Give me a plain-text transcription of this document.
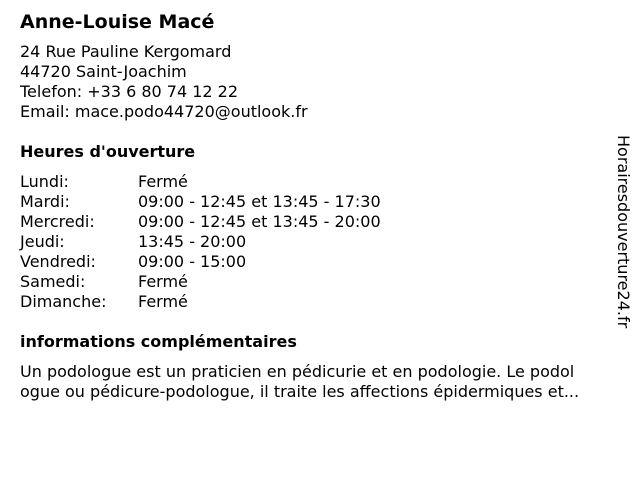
Anne-Louise Macé
24 Rue Pauline Kergomard
44720 Saint-Joachim
Telefon: +33 6 80 74 12 22
Email: mace.podo44720@outlook.fr
Heures d'ouverture
Lundi:	Fermé
Mardi:	09:00 - 12:45 et 13:45 - 17:30
Mercredi:	09:00 - 12:45 et 13:45 - 20:00
Jeudi:	13:45 - 20:00
Vendredi:	09:00 - 15:00
Samedi:	Fermé
Dimanche: Fermé
informations complémentaires
Un podologue est un praticien en pédicurie et en podologie. Le podol
ogue ou pédicure-podologue, il traite les affections épidermiques et...
Horairesdouverture24.fr
